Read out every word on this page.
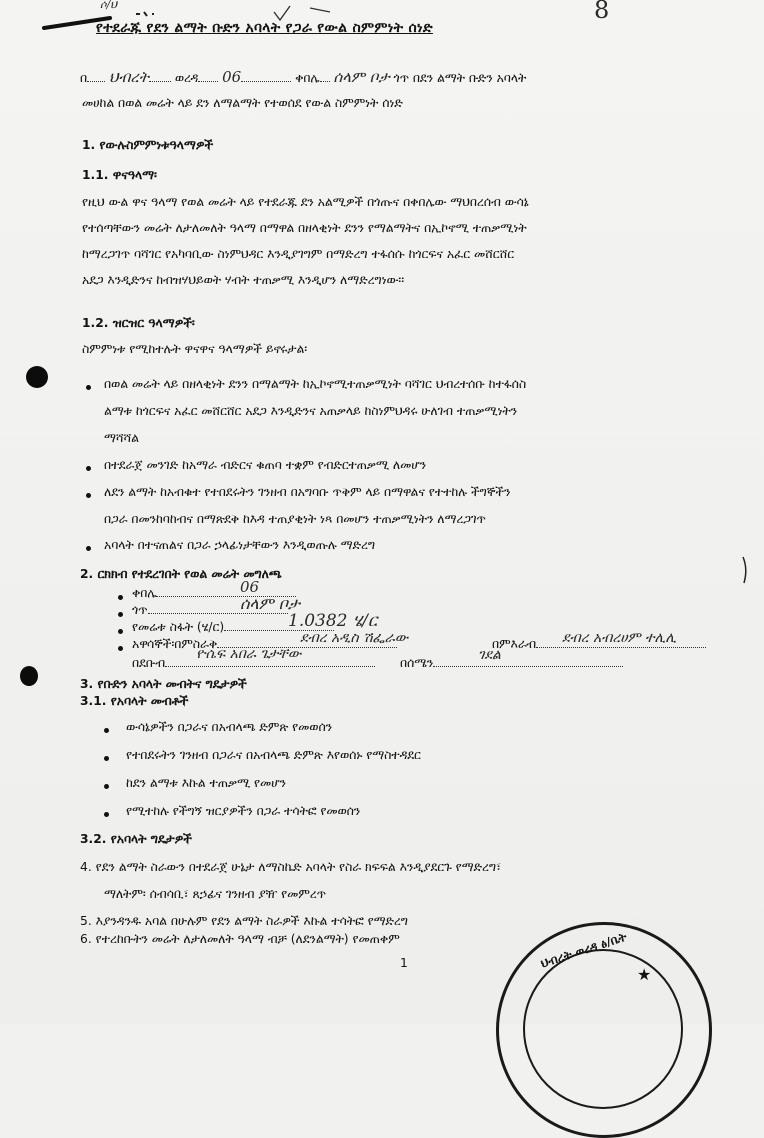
ሶ/ህ	8
የተደራጁ የደን ልማት ቡድን አባላት የጋራ የውል ስምምነት ሰነድ
በ ህብረት ወረዳ 06	ቀበሌ ሰላም ቦታ ጎጥ በደን ልማት ቡድን አባላት
መሀከል በወል መሬት ላይ ደን ለማልማት የተወሰደ የውል ስምምነት ሰነድ
1. የውሉስምምነቱዓላማዎች
1.1. ዋናዓላማ፡
የዚህ ውል ዋና ዓላማ የወል መሬት ላይ የተደራጁ ደን አልሚዎች በጎጡና በቀበሌው ማህበረሰብ ውሳኔ
የተሰጣቸውን መሬት ለታለመለት ዓላማ በማዋል በዘላቂነት ደንን የማልማትና በኢኮኖሚ ተጠቃሚነት
ከማረጋገጥ ባሻገር የአካባቢው ስነምህዳር እንዲያገግም በማድረግ ተፋሰሱ ከጎርፍና አፈር መሸርሸር
አደጋ እንዲድንና ከብዝሃህይወት ሃብት ተጠቃሚ እንዲሆን ለማድረግነው፡፡
1.2. ዝርዝር ዓላማዎች፡
ስምምነቱ የሚከተሉት ዋናዋና ዓላማዎች ይኖሩታል፡
በወል መሬት ላይ በዘላቂነት ደንን በማልማት ከኢኮኖሚተጠቃሚነት ባሻገር ህብረተሰቡ ከተፋሰስ
ልማቱ ከጎርፍና አፈር መሸርሸር አደጋ እንዲድንና አጠቃላይ ከስነምህዳሩ ሁለገብ ተጠቃሚነትን
ማሻሻል
በተደራጀ መንገድ ከአማራ ብድርና ቁጠባ ተቋም የብድርተጠቃሚ ለመሆን
ለደን ልማት ከአብቁተ የተበደሩትን ገንዘብ በአግባቡ ጥቅም ላይ በማዋልና የተተከሉ ችግኞችን
በጋራ በመንከባከብና በማጽደቅ ከእዳ ተጠያቂነት ነጻ በመሆን ተጠቃሚነትን ለማረጋገጥ
አባላት በተናጠልና በጋራ ኃላፊነታቸውን እንዲወጡሉ ማድረግ
2. ርክክብ የተደረገበት የወል መሬት መግለጫ
ቀበሌ	06
ጎጥ	ሰላም ቦታ
የመሬቱ ስፋት (ሄ/ር)	1.0382 ሄ/ር
አዋሳኞች፡በምስራቅ	ደብረ አዲስ ሽፌራው	በምእራብ	ደብረ አብረሀም ተሊሊ
በደቡብ
ዮሴፍ አበራ ጌታቸው
በሰሜን	ገደል
3. የቡድን አባላት መብትና ግዴታዎች
3.1. የአባላት መብቶች
ውሳኔዎችን በጋራና በአብላጫ ድምጽ የመወሰን
የተበደሩትን ገንዘብ በጋራና በአብላጫ ድምጽ እየወሰኑ የማስተዳደር
ከደን ልማቱ እኩል ተጠቃሚ የመሆን
የሚተከሉ የችግኝ ዝርያዎችን በጋራ ተሳትፎ የመወሰን
3.2. የአባላት ግዴታዎች
4. የደን ልማት ስራውን በተደራጀ ሁኔታ ለማስኬድ አባላት የስራ ክፍፍል እንዲያደርጉ የማድረግ፣
ማለትም፡ ሰብሳቢ፣ ጸኃፊና ገንዘብ ያዥ የመምረጥ
5. እያንዳንዱ አባል በሁሉም የደን ልማት ስራዎች እኩል ተሳትፎ የማድረግ
6. የተረከቡትን መሬት ለታለመለት ዓላማ ብቻ (ለደንልማት) የመጠቀም
1	ህብረት ወረዳ ፅ/ቤት
★
